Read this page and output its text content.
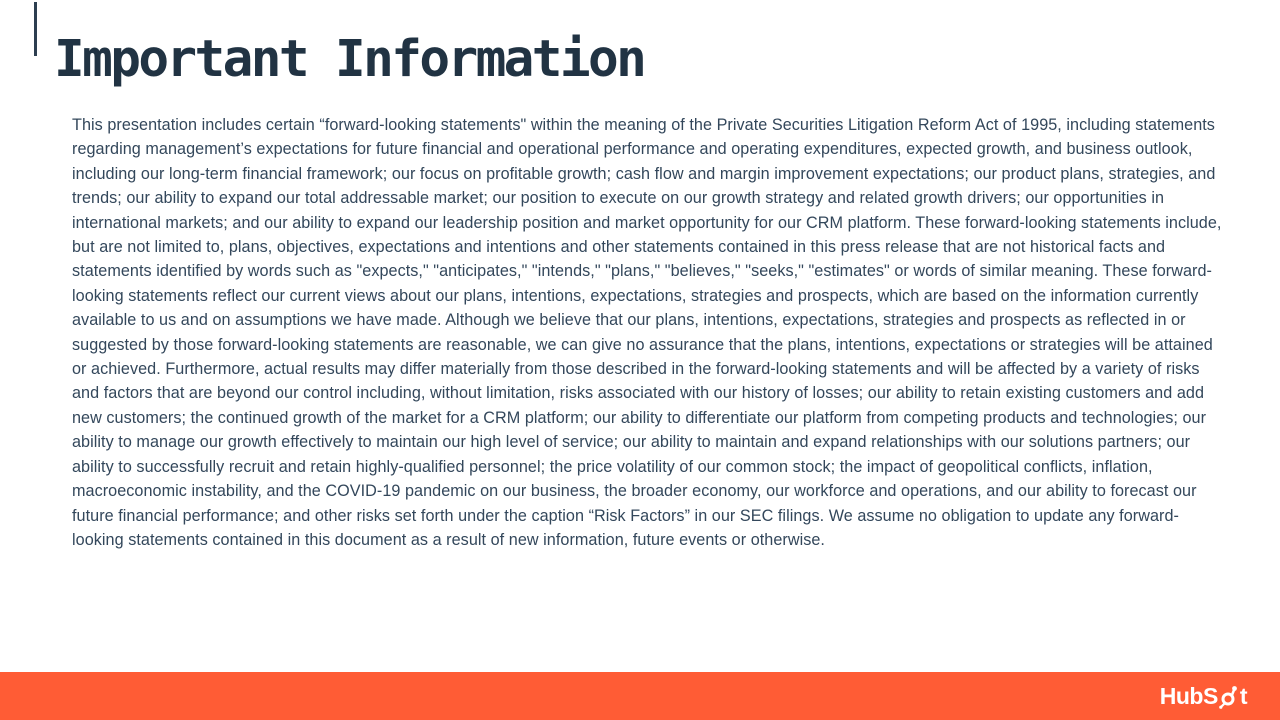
Important Information

This presentation includes certain “forward-looking statements" within the meaning of the Private Securities Litigation Reform Act of 1995, including statements regarding management’s expectations for future financial and operational performance and operating expenditures, expected growth, and business outlook, including our long-term financial framework; our focus on profitable growth; cash flow and margin improvement expectations; our product plans, strategies, and trends; our ability to expand our total addressable market; our position to execute on our growth strategy and related growth drivers; our opportunities in international markets; and our ability to expand our leadership position and market opportunity for our CRM platform. These forward-looking statements include, but are not limited to, plans, objectives, expectations and intentions and other statements contained in this press release that are not historical facts and statements identified by words such as "expects," "anticipates," "intends," "plans," "believes," "seeks," "estimates" or words of similar meaning. These forward-looking statements reflect our current views about our plans, intentions, expectations, strategies and prospects, which are based on the information currently available to us and on assumptions we have made. Although we believe that our plans, intentions, expectations, strategies and prospects as reflected in or suggested by those forward-looking statements are reasonable, we can give no assurance that the plans, intentions, expectations or strategies will be attained or achieved. Furthermore, actual results may differ materially from those described in the forward-looking statements and will be affected by a variety of risks and factors that are beyond our control including, without limitation, risks associated with our history of losses; our ability to retain existing customers and add new customers; the continued growth of the market for a CRM platform; our ability to differentiate our platform from competing products and technologies; our ability to manage our growth effectively to maintain our high level of service; our ability to maintain and expand relationships with our solutions partners; our ability to successfully recruit and retain highly-qualified personnel; the price volatility of our common stock; the impact of geopolitical conflicts, inflation, macroeconomic instability, and the COVID-19 pandemic on our business, the broader economy, our workforce and operations, and our ability to forecast our future financial performance; and other risks set forth under the caption “Risk Factors” in our SEC filings. We assume no obligation to update any forward-looking statements contained in this document as a result of new information, future events or otherwise.

HubS t
